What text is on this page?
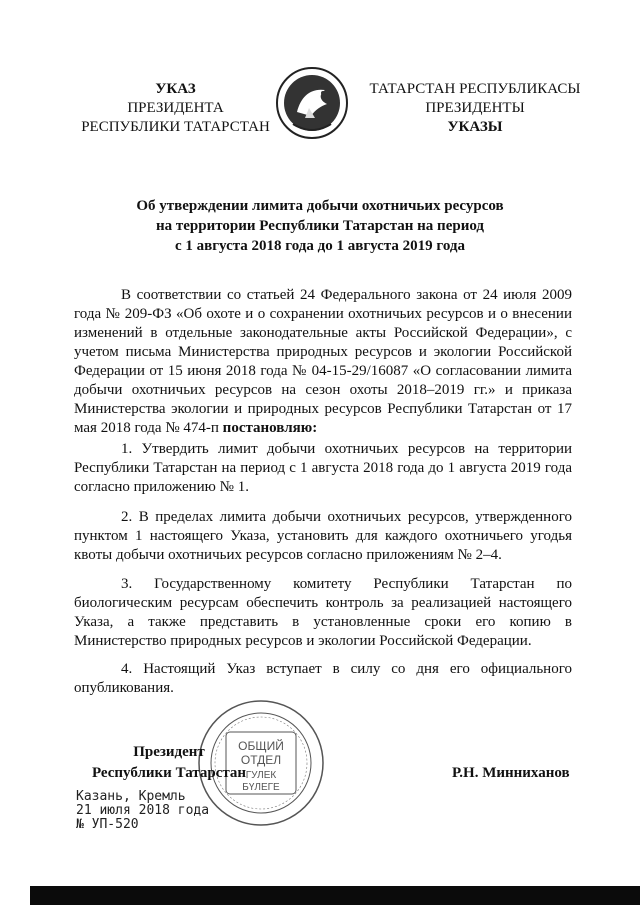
УКАЗ
ПРЕЗИДЕНТА
РЕСПУБЛИКИ ТАТАРСТАН
ТАТАРСТАН РЕСПУБЛИКАСЫ
ПРЕЗИДЕНТЫ
УКАЗЫ
Об утверждении лимита добычи охотничьих ресурсов
на территории Республики Татарстан на период
с 1 августа 2018 года до 1 августа 2019 года

В соответствии со статьей 24 Федерального закона от 24 июля 2009 года № 209-ФЗ «Об охоте и о сохранении охотничьих ресурсов и о внесении изменений в отдельные законодательные акты Российской Федерации», с учетом письма Министерства природных ресурсов и экологии Российской Федерации от 15 июня 2018 года № 04-15-29/16087 «О согласовании лимита добычи охотничьих ресурсов на сезон охоты 2018–2019 гг.» и приказа Министерства экологии и природных ресурсов Республики Татарстан от 17 мая 2018 года № 474-п постановляю:

1. Утвердить лимит добычи охотничьих ресурсов на территории Республики Татарстан на период с 1 августа 2018 года до 1 августа 2019 года согласно приложению № 1.

2. В пределах лимита добычи охотничьих ресурсов, утвержденного пунктом 1 настоящего Указа, установить для каждого охотничьего угодья квоты добычи охотничьих ресурсов согласно приложениям № 2–4.

3. Государственному комитету Республики Татарстан по биологическим ресурсам обеспечить контроль за реализацией настоящего Указа, а также представить в установленные сроки его копию в Министерство природных ресурсов и экологии Российской Федерации.

4. Настоящий Указ вступает в силу со дня его официального опубликования.

ОБЩИЙ
ОТДЕЛ
ГУЛЕК
БҮЛЕГЕ
Президент
Республики Татарстан	Р.Н. Минниханов
Казань, Кремль
21 июля 2018 года
№ УП-520
